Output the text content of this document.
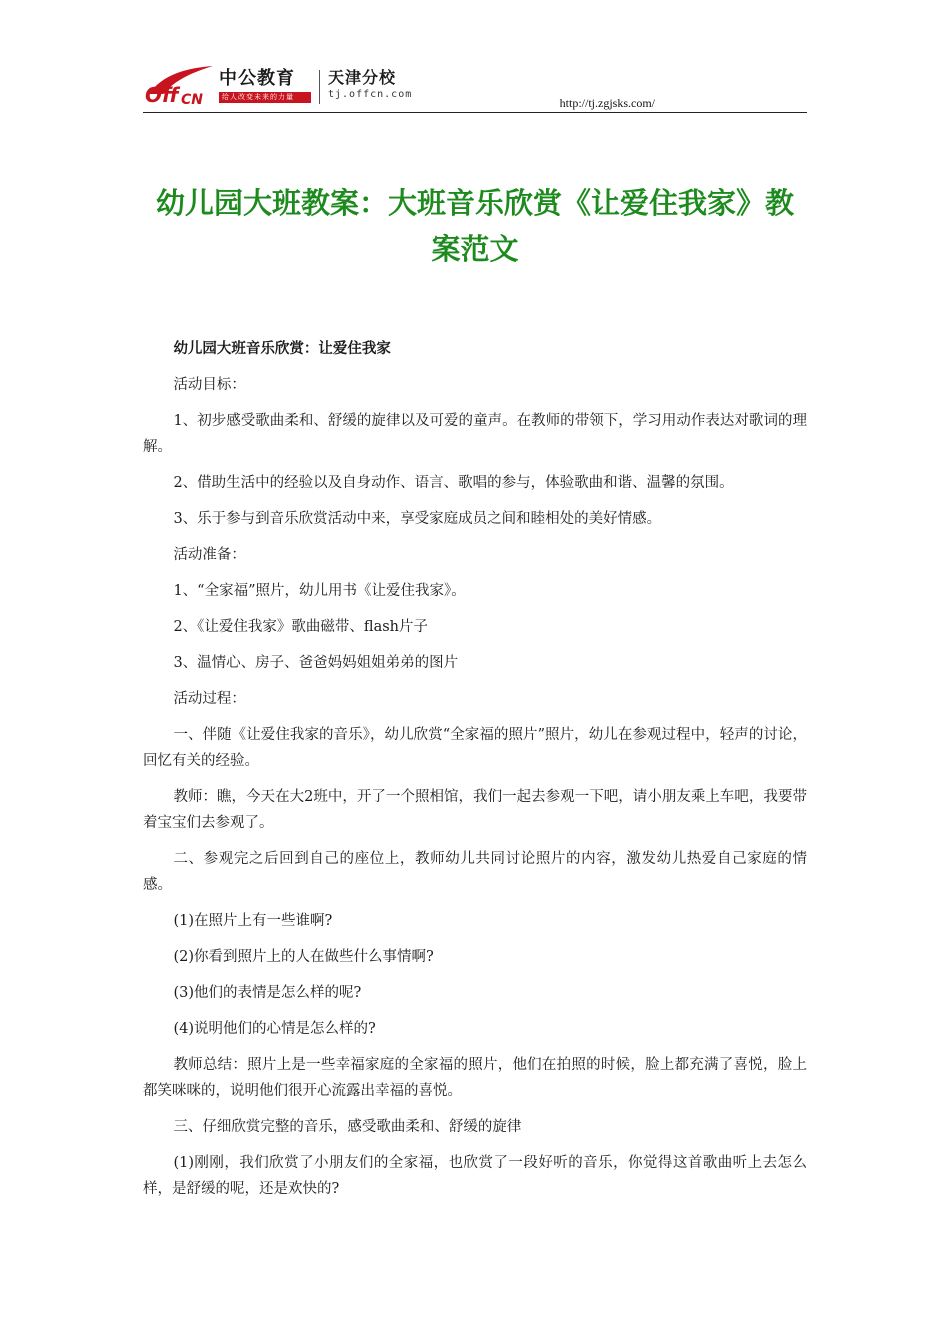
Off CN
中公教育
给人改变未来的力量
天津分校
tj.offcn.com
http://tj.zgjsks.com/
幼儿园大班教案：大班音乐欣赏《让爱住我家》教案范文

幼儿园大班音乐欣赏：让爱住我家

活动目标：

1、初步感受歌曲柔和、舒缓的旋律以及可爱的童声。在教师的带领下，学习用动作表达对歌词的理解。

2、借助生活中的经验以及自身动作、语言、歌唱的参与，体验歌曲和谐、温馨的氛围。

3、乐于参与到音乐欣赏活动中来，享受家庭成员之间和睦相处的美好情感。

活动准备：

1、“全家福”照片，幼儿用书《让爱住我家》。

2、《让爱住我家》歌曲磁带、flash片子

3、温情心、房子、爸爸妈妈姐姐弟弟的图片

活动过程：

一、伴随《让爱住我家的音乐》，幼儿欣赏“全家福的照片”照片，幼儿在参观过程中，轻声的讨论，回忆有关的经验。

教师：瞧，今天在大2班中，开了一个照相馆，我们一起去参观一下吧，请小朋友乘上车吧，我要带着宝宝们去参观了。

二、参观完之后回到自己的座位上，教师幼儿共同讨论照片的内容，激发幼儿热爱自己家庭的情感。

(1)在照片上有一些谁啊?

(2)你看到照片上的人在做些什么事情啊?

(3)他们的表情是怎么样的呢?

(4)说明他们的心情是怎么样的?

教师总结：照片上是一些幸福家庭的全家福的照片，他们在拍照的时候，脸上都充满了喜悦，脸上都笑咪咪的，说明他们很开心流露出幸福的喜悦。

三、仔细欣赏完整的音乐，感受歌曲柔和、舒缓的旋律

(1)刚刚，我们欣赏了小朋友们的全家福，也欣赏了一段好听的音乐，你觉得这首歌曲听上去怎么样，是舒缓的呢，还是欢快的?
